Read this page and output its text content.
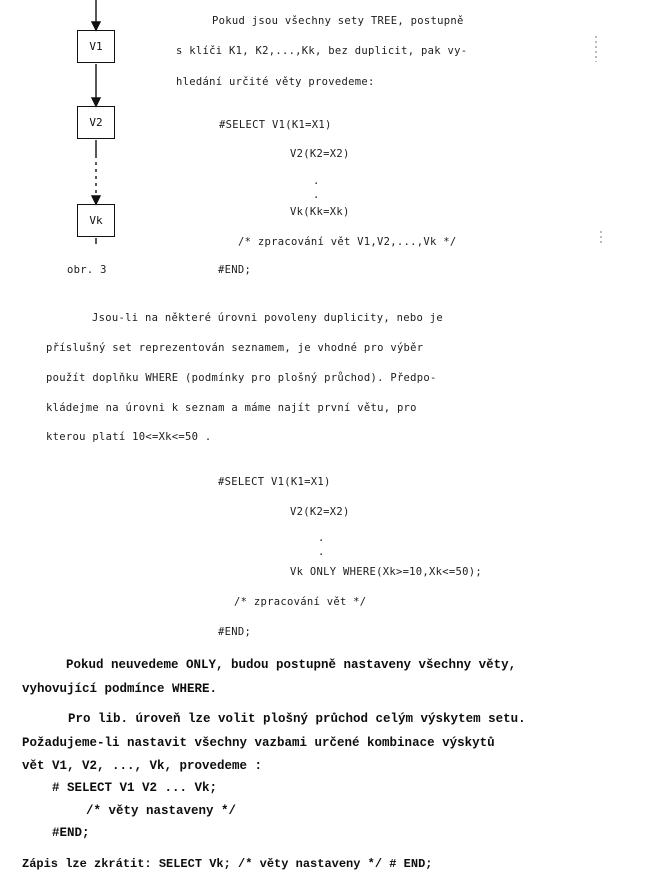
V1
V2
Vk
obr. 3
Pokud jsou všechny sety TREE, postupně
s klíči K1, K2,...,Kk, bez duplicit, pak vy-
hledání určité věty provedeme:
#SELECT V1(K1=X1)
V2(K2=X2)
.
.
Vk(Kk=Xk)
/* zpracování vět V1,V2,...,Vk */
#END;
Jsou-li na některé úrovni povoleny duplicity, nebo je
příslušný set reprezentován seznamem, je vhodné pro výběr
použít doplňku WHERE (podmínky pro plošný průchod). Předpo-
kládejme na úrovni k seznam a máme najít první větu, pro
kterou platí 10<=Xk<=50 .
#SELECT V1(K1=X1)
V2(K2=X2)
.
.
Vk ONLY WHERE(Xk>=10,Xk<=50);
/* zpracování vět */
#END;
Pokud neuvedeme ONLY, budou postupně nastaveny všechny věty,
vyhovující podmínce WHERE.
Pro lib. úroveň lze volit plošný průchod celým výskytem setu.
Požadujeme-li nastavit všechny vazbami určené kombinace výskytů
vět V1, V2, ..., Vk, provedeme :
# SELECT V1 V2 ... Vk;
/* věty nastaveny */
#END;
Zápis lze zkrátit: SELECT Vk; /* věty nastaveny */ # END;
